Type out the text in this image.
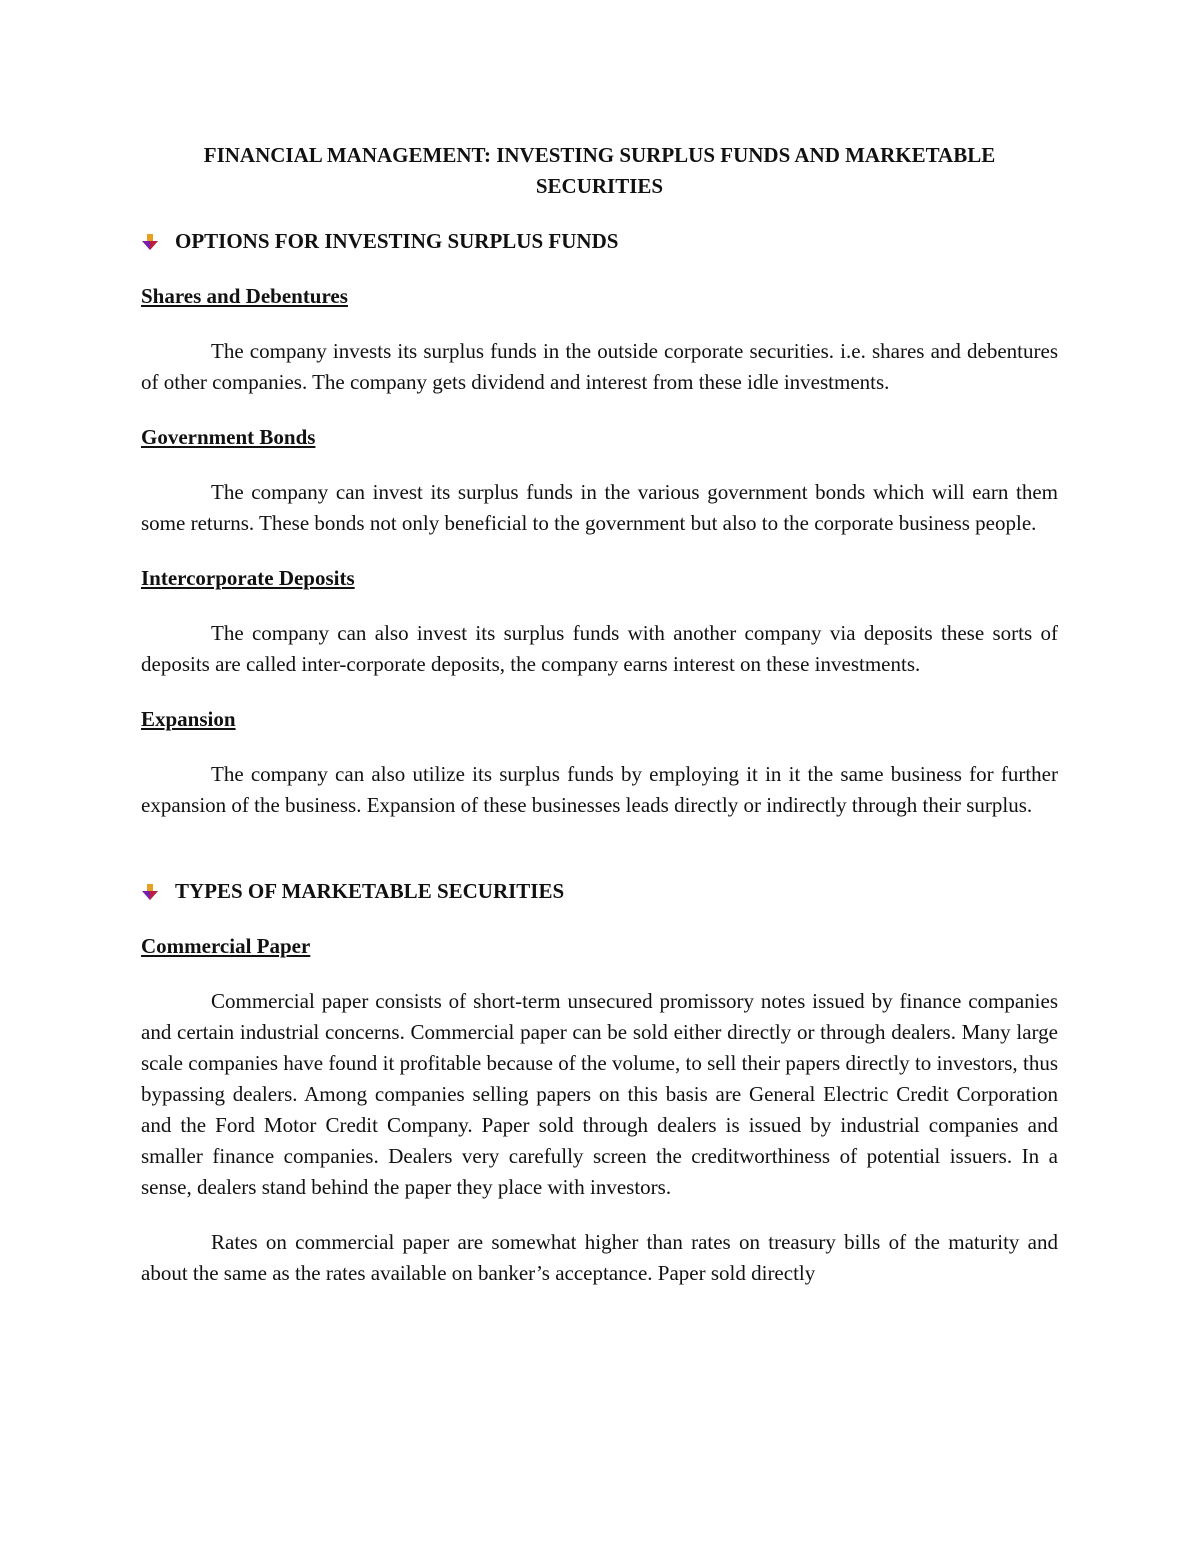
FINANCIAL MANAGEMENT: INVESTING SURPLUS FUNDS AND MARKETABLE SECURITIES
OPTIONS FOR INVESTING SURPLUS FUNDS

Shares and Debentures

The company invests its surplus funds in the outside corporate securities. i.e. shares and debentures of other companies. The company gets dividend and interest from these idle investments.

Government Bonds

The company can invest its surplus funds in the various government bonds which will earn them some returns. These bonds not only beneficial to the government but also to the corporate business people.

Intercorporate Deposits

The company can also invest its surplus funds with another company via deposits these sorts of deposits are called inter-corporate deposits, the company earns interest on these investments.

Expansion

The company can also utilize its surplus funds by employing it in it the same business for further expansion of the business. Expansion of these businesses leads directly or indirectly through their surplus.

TYPES OF MARKETABLE SECURITIES

Commercial Paper

Commercial paper consists of short-term unsecured promissory notes issued by finance companies and certain industrial concerns. Commercial paper can be sold either directly or through dealers. Many large scale companies have found it profitable because of the volume, to sell their papers directly to investors, thus bypassing dealers. Among companies selling papers on this basis are General Electric Credit Corporation and the Ford Motor Credit Company. Paper sold through dealers is issued by industrial companies and smaller finance companies. Dealers very carefully screen the creditworthiness of potential issuers. In a sense, dealers stand behind the paper they place with investors.

Rates on commercial paper are somewhat higher than rates on treasury bills of the maturity and about the same as the rates available on banker’s acceptance. Paper sold directly
